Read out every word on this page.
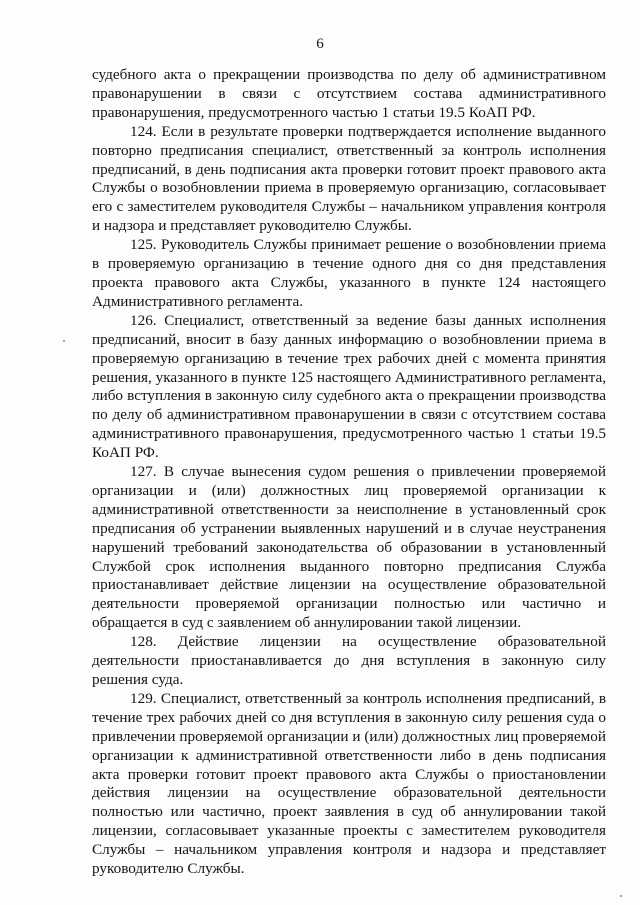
6

судебного акта о прекращении производства по делу об административном правонарушении в связи с отсутствием состава административного правонарушения, предусмотренного частью 1 статьи 19.5 КоАП РФ.

124. Если в результате проверки подтверждается исполнение выданного повторно предписания специалист, ответственный за контроль исполнения предписаний, в день подписания акта проверки готовит проект правового акта Службы о возобновлении приема в проверяемую организацию, согласовывает его с заместителем руководителя Службы – начальником управления контроля и надзора и представляет руководителю Службы.

125. Руководитель Службы принимает решение о возобновлении приема в проверяемую организацию в течение одного дня со дня представления проекта правового акта Службы, указанного в пункте 124 настоящего Административного регламента.

126. Специалист, ответственный за ведение базы данных исполнения предписаний, вносит в базу данных информацию о возобновлении приема в проверяемую организацию в течение трех рабочих дней с момента принятия решения, указанного в пункте 125 настоящего Административного регламента, либо вступления в законную силу судебного акта о прекращении производства по делу об административном правонарушении в связи с отсутствием состава административного правонарушения, предусмотренного частью 1 статьи 19.5 КоАП РФ.

127. В случае вынесения судом решения о привлечении проверяемой организации и (или) должностных лиц проверяемой организации к административной ответственности за неисполнение в установленный срок предписания об устранении выявленных нарушений и в случае неустранения нарушений требований законодательства об образовании в установленный Службой срок исполнения выданного повторно предписания Служба приостанавливает действие лицензии на осуществление образовательной деятельности проверяемой организации полностью или частично и обращается в суд с заявлением об аннулировании такой лицензии.

128. Действие лицензии на осуществление образовательной деятельности приостанавливается до дня вступления в законную силу решения суда.

129. Специалист, ответственный за контроль исполнения предписаний, в течение трех рабочих дней со дня вступления в законную силу решения суда о привлечении проверяемой организации и (или) должностных лиц проверяемой организации к административной ответственности либо в день подписания акта проверки готовит проект правового акта Службы о приостановлении действия лицензии на осуществление образовательной деятельности полностью или частично, проект заявления в суд об аннулировании такой лицензии, согласовывает указанные проекты с заместителем руководителя Службы – начальником управления контроля и надзора и представляет руководителю Службы.
